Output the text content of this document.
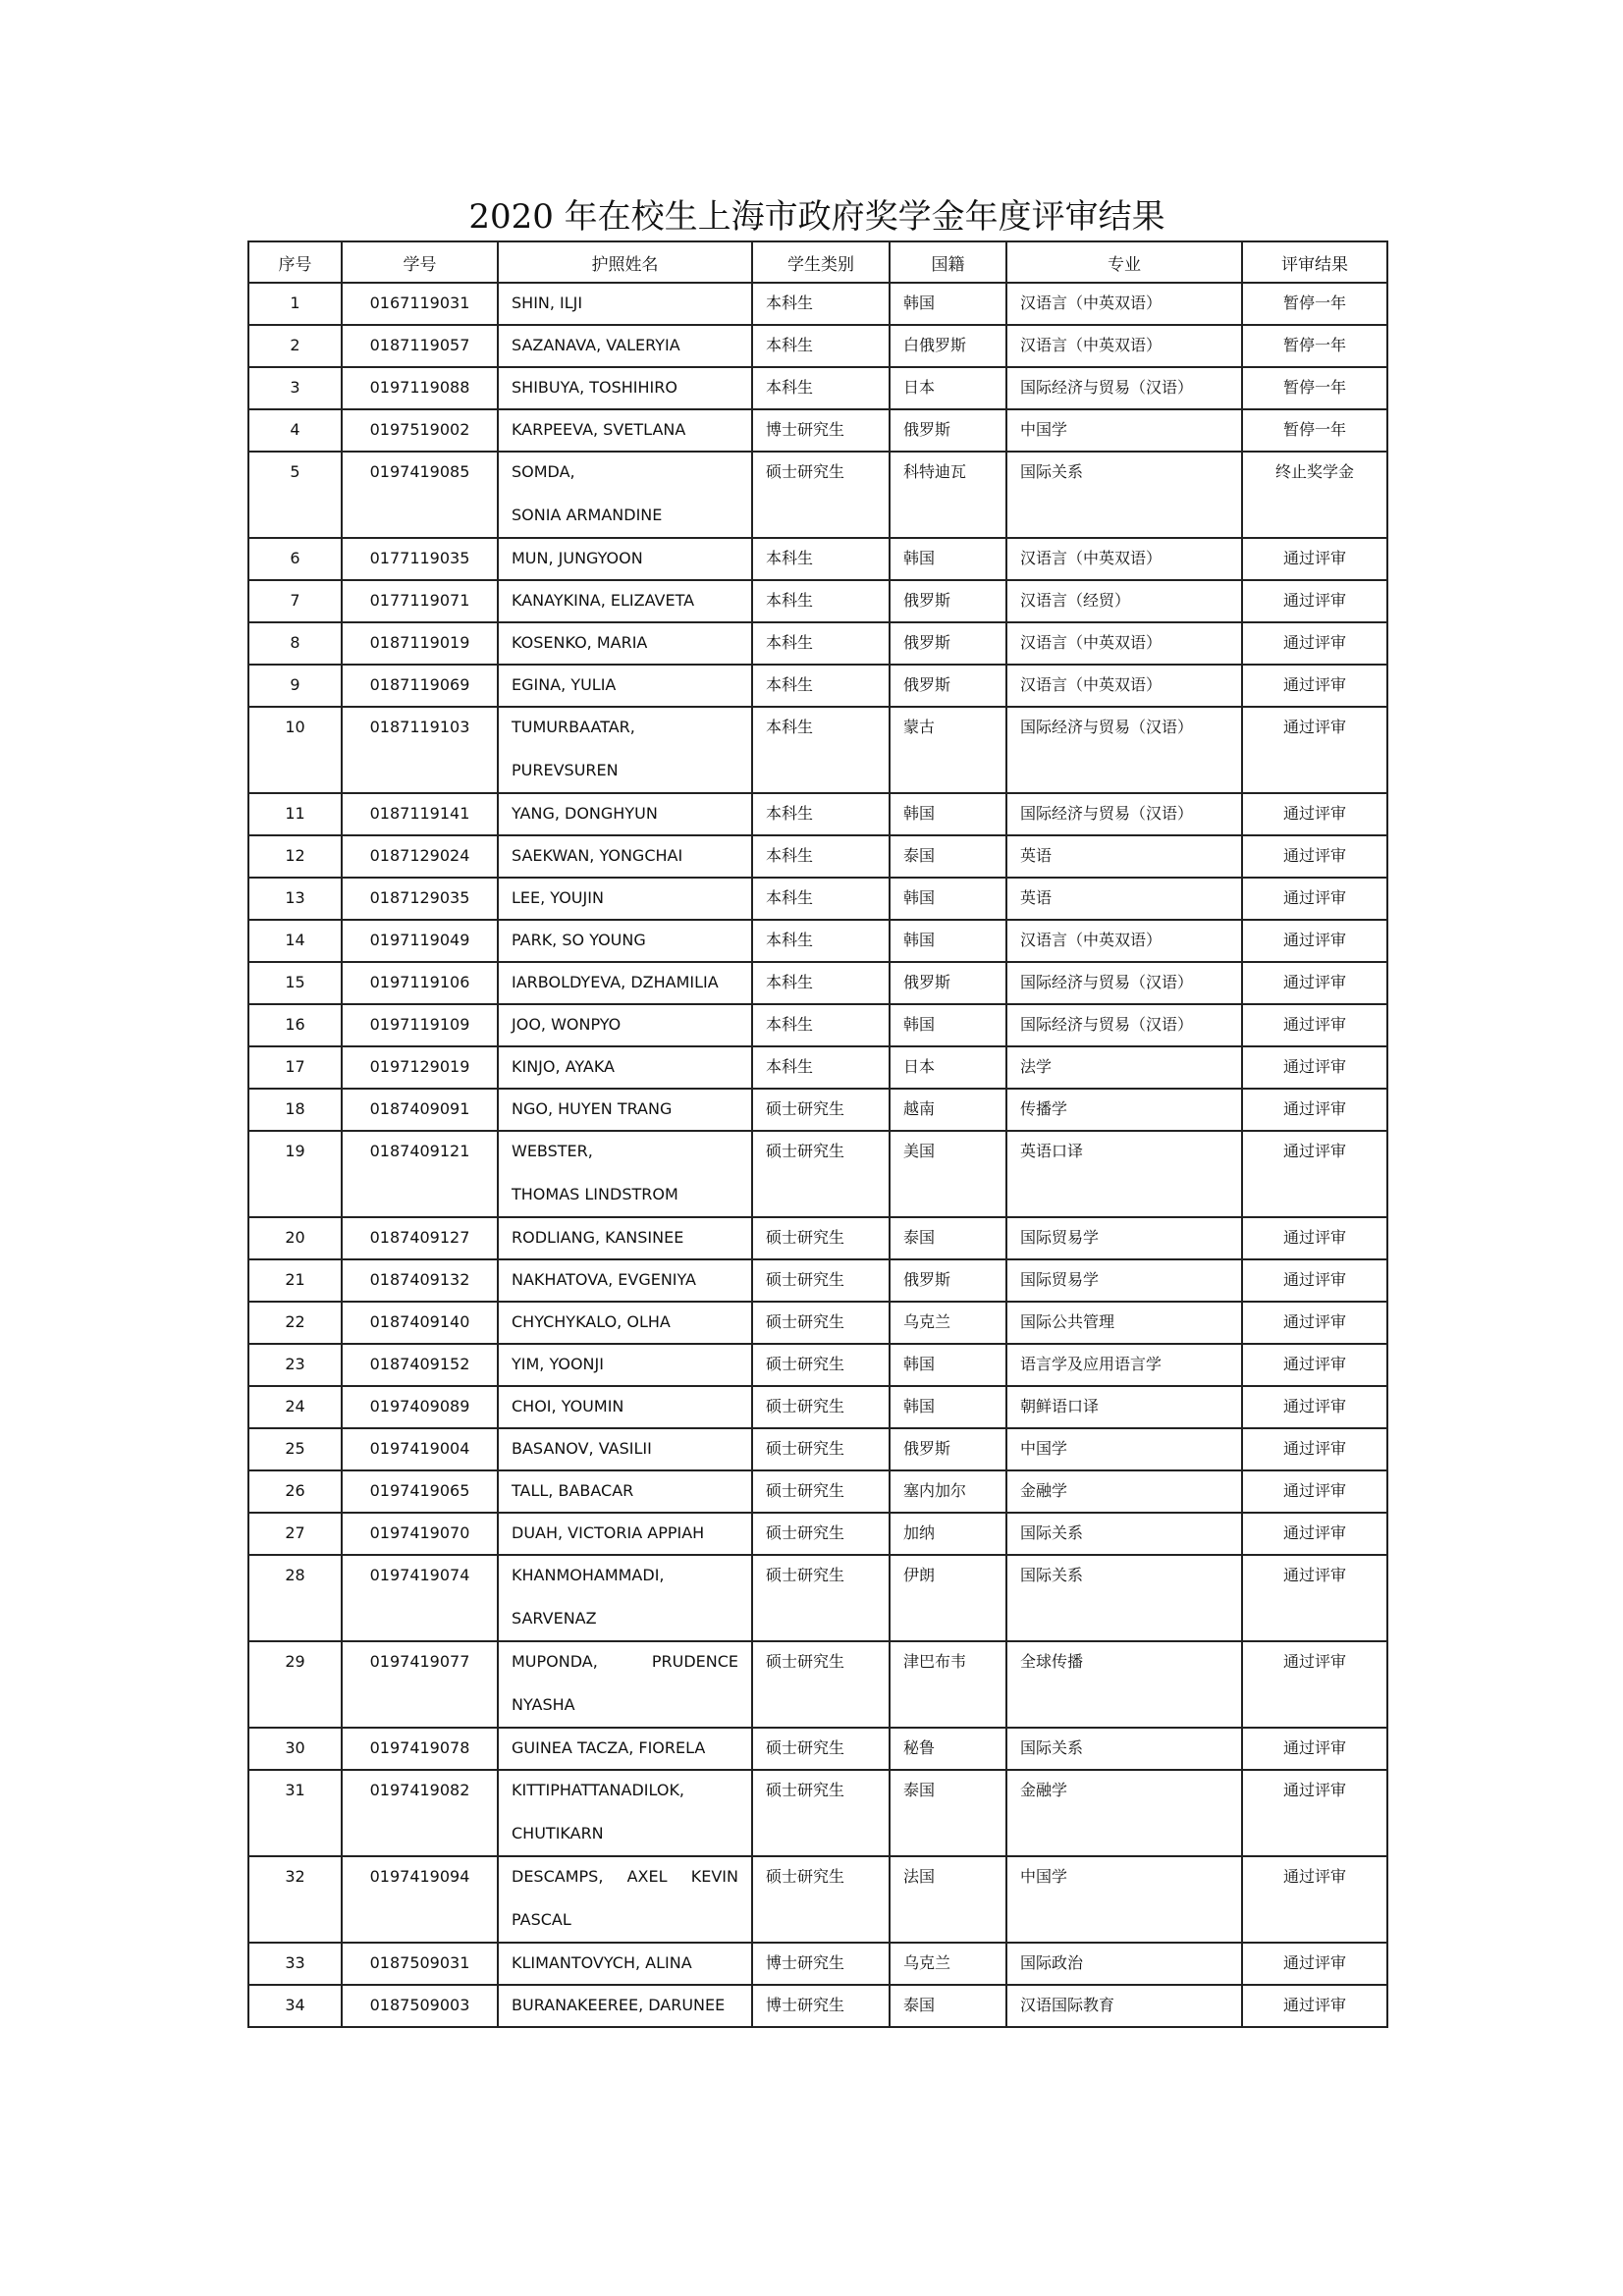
2020 年在校生上海市政府奖学金年度评审结果
序号	学号	护照姓名	学生类别	国籍	专业	评审结果

1	0167119031	SHIN, ILJI	本科生	韩国	汉语言（中英双语）	暂停一年

2	0187119057	SAZANAVA, VALERYIA	本科生	白俄罗斯	汉语言（中英双语）	暂停一年

3	0197119088	SHIBUYA, TOSHIHIRO	本科生	日本	国际经济与贸易（汉语）	暂停一年

4	0197519002	KARPEEVA, SVETLANA	博士研究生	俄罗斯	中国学	暂停一年

5	0197419085	SOMDA,
SONIA ARMANDINE	硕士研究生	科特迪瓦	国际关系	终止奖学金

6	0177119035	MUN, JUNGYOON	本科生	韩国	汉语言（中英双语）	通过评审

7	0177119071	KANAYKINA, ELIZAVETA	本科生	俄罗斯	汉语言（经贸）	通过评审

8	0187119019	KOSENKO, MARIA	本科生	俄罗斯	汉语言（中英双语）	通过评审

9	0187119069	EGINA, YULIA	本科生	俄罗斯	汉语言（中英双语）	通过评审

10	0187119103	TUMURBAATAR,
PUREVSUREN	本科生	蒙古	国际经济与贸易（汉语）	通过评审

11	0187119141	YANG, DONGHYUN	本科生	韩国	国际经济与贸易（汉语）	通过评审

12	0187129024	SAEKWAN, YONGCHAI	本科生	泰国	英语	通过评审

13	0187129035	LEE, YOUJIN	本科生	韩国	英语	通过评审

14	0197119049	PARK, SO YOUNG	本科生	韩国	汉语言（中英双语）	通过评审

15	0197119106	IARBOLDYEVA, DZHAMILIA	本科生	俄罗斯	国际经济与贸易（汉语）	通过评审

16	0197119109	JOO, WONPYO	本科生	韩国	国际经济与贸易（汉语）	通过评审

17	0197129019	KINJO, AYAKA	本科生	日本	法学	通过评审

18	0187409091	NGO, HUYEN TRANG	硕士研究生	越南	传播学	通过评审

19	0187409121	WEBSTER,
THOMAS LINDSTROM	硕士研究生	美国	英语口译	通过评审

20	0187409127	RODLIANG, KANSINEE	硕士研究生	泰国	国际贸易学	通过评审

21	0187409132	NAKHATOVA, EVGENIYA	硕士研究生	俄罗斯	国际贸易学	通过评审

22	0187409140	CHYCHYKALO, OLHA	硕士研究生	乌克兰	国际公共管理	通过评审

23	0187409152	YIM, YOONJI	硕士研究生	韩国	语言学及应用语言学	通过评审

24	0197409089	CHOI, YOUMIN	硕士研究生	韩国	朝鲜语口译	通过评审

25	0197419004	BASANOV, VASILII	硕士研究生	俄罗斯	中国学	通过评审

26	0197419065	TALL, BABACAR	硕士研究生	塞内加尔	金融学	通过评审

27	0197419070	DUAH, VICTORIA APPIAH	硕士研究生	加纳	国际关系	通过评审

28	0197419074	KHANMOHAMMADI,
SARVENAZ	硕士研究生	伊朗	国际关系	通过评审

29	0197419077	MUPONDA, PRUDENCE
NYASHA	硕士研究生	津巴布韦	全球传播	通过评审

30	0197419078	GUINEA TACZA, FIORELA	硕士研究生	秘鲁	国际关系	通过评审

31	0197419082	KITTIPHATTANADILOK,
CHUTIKARN	硕士研究生	泰国	金融学	通过评审

32	0197419094	DESCAMPS, AXEL KEVIN
PASCAL	硕士研究生	法国	中国学	通过评审

33	0187509031	KLIMANTOVYCH, ALINA	博士研究生	乌克兰	国际政治	通过评审

34	0187509003	BURANAKEEREE, DARUNEE	博士研究生	泰国	汉语国际教育	通过评审
